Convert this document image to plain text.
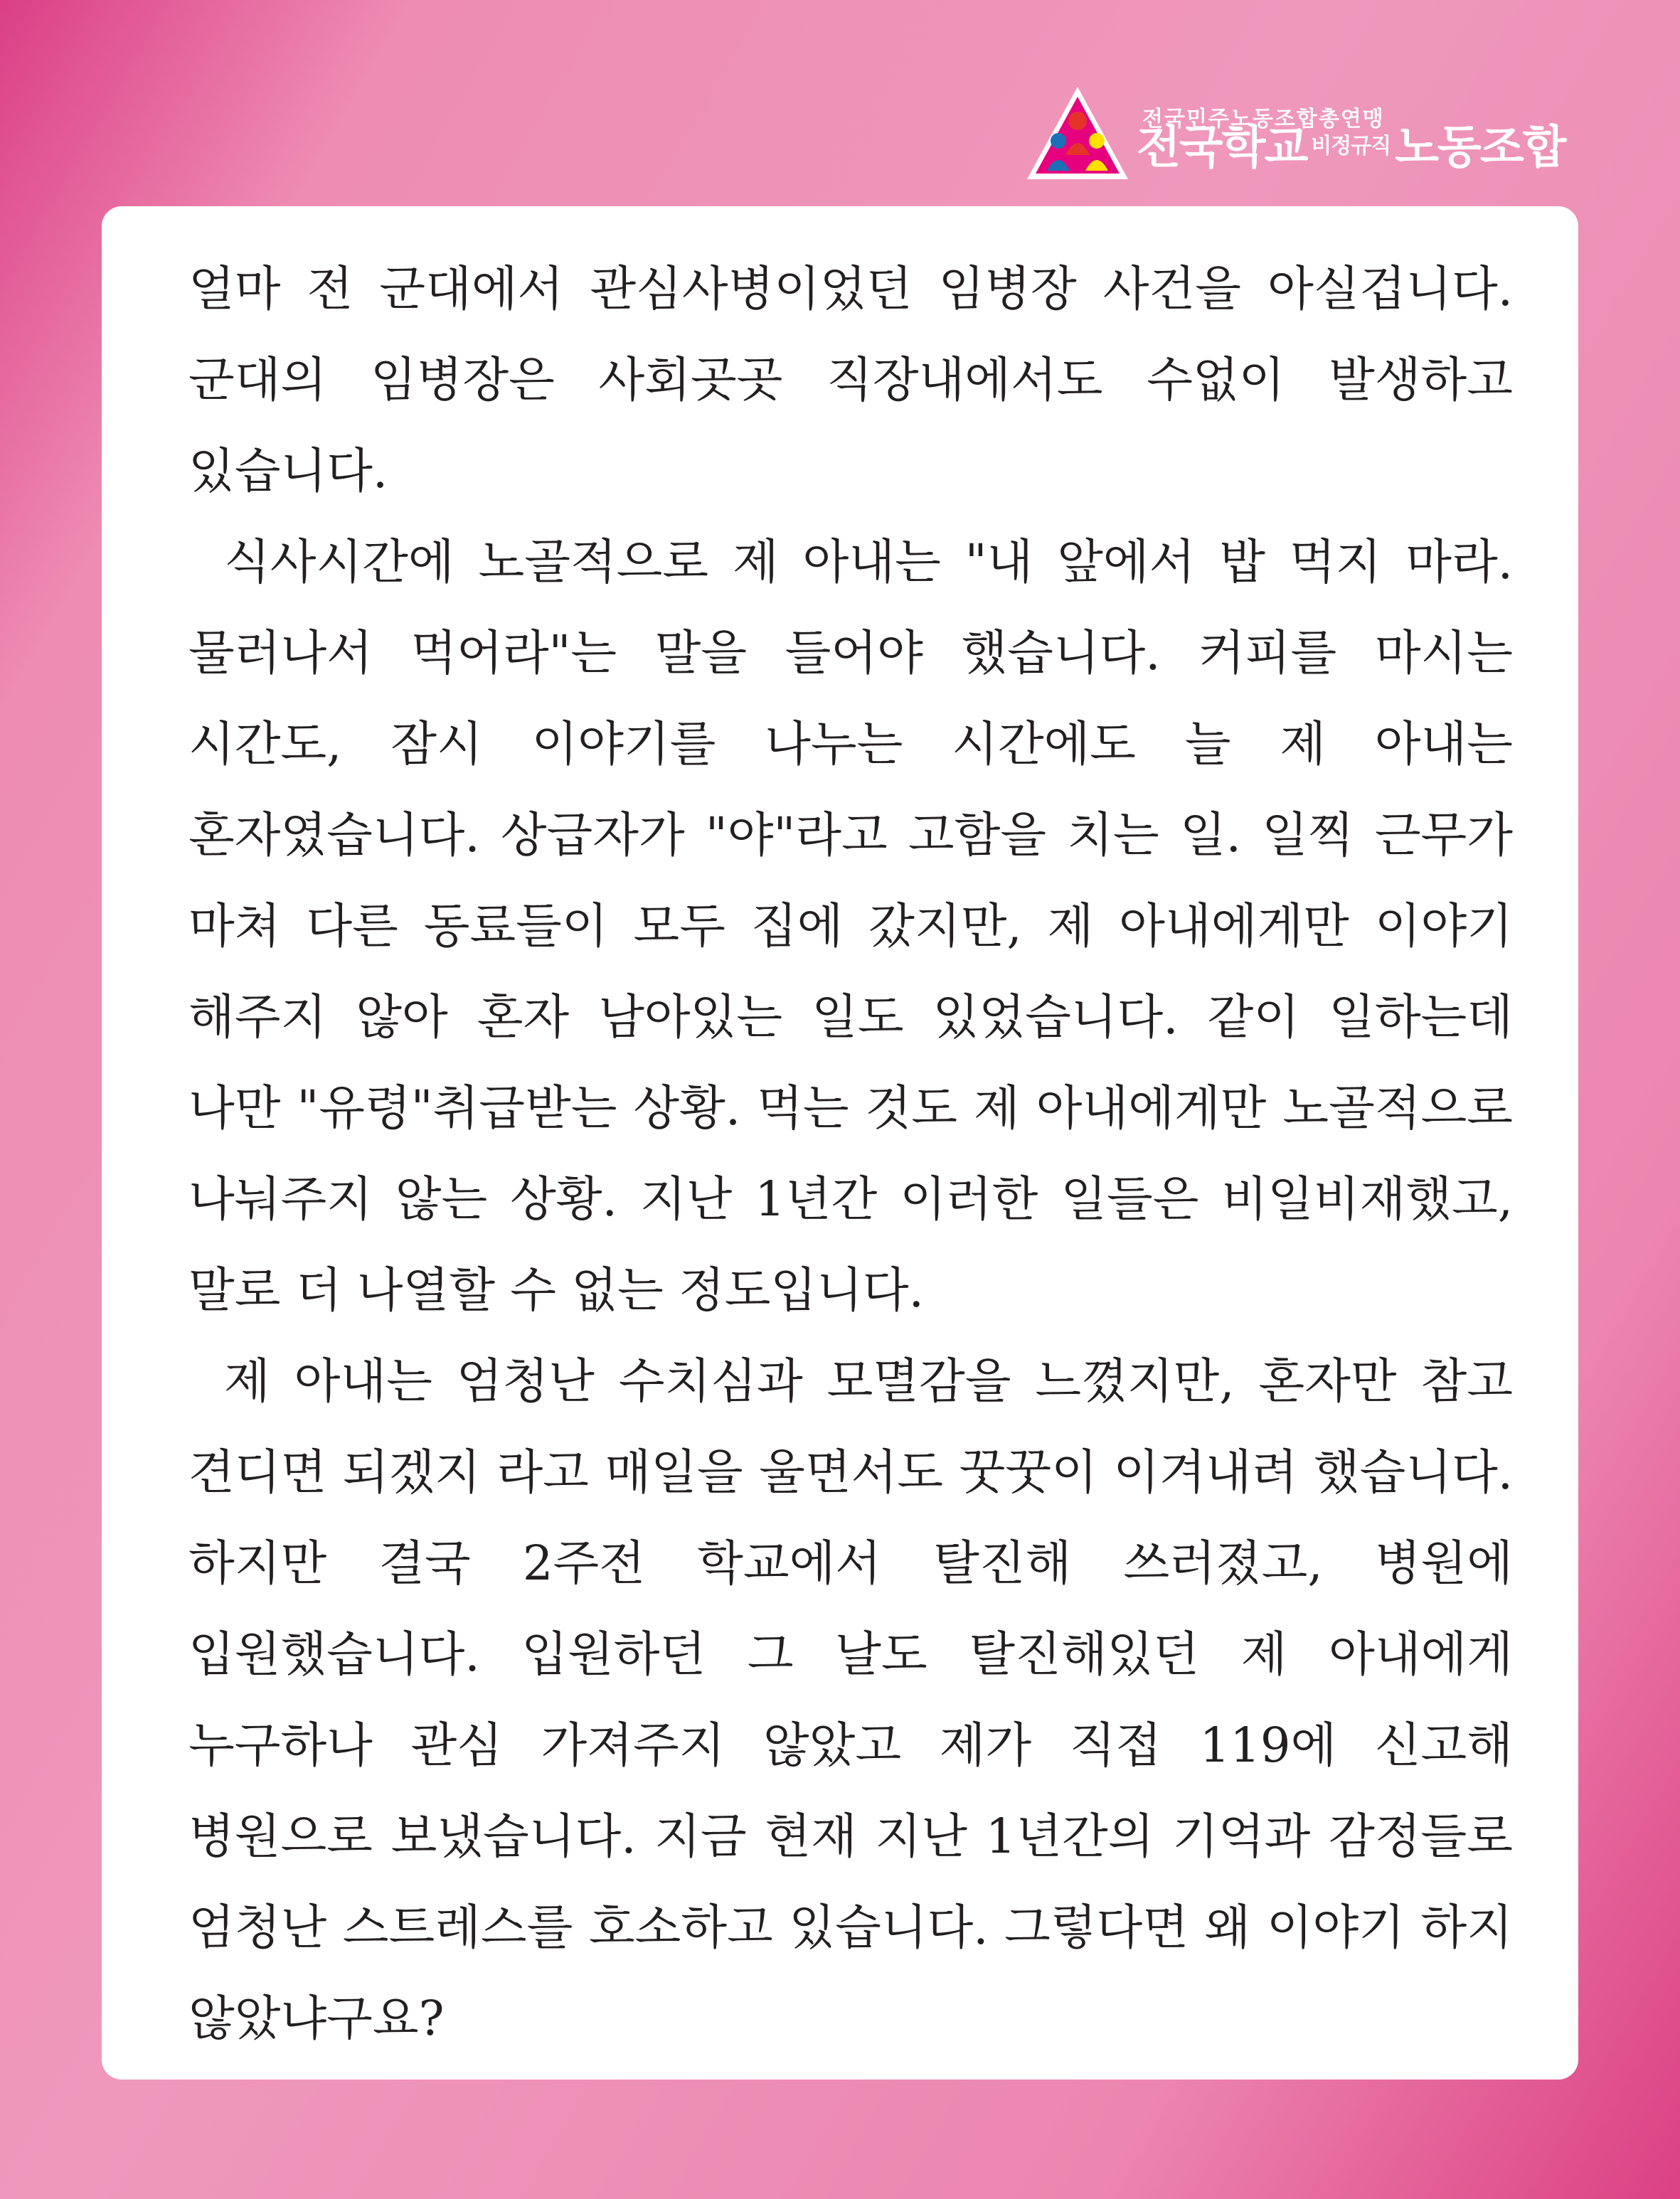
전국민주노동조합총연맹
전국학교 비정규직노동조합

얼마 전 군대에서 관심사병이었던 임병장 사건을 아실겁니다. 군대의 임병장은 사회곳곳 직장내에서도 수없이 발생하고 있습니다.

식사시간에 노골적으로 제 아내는 "내 앞에서 밥 먹지 마라. 물러나서 먹어라"는 말을 들어야 했습니다. 커피를 마시는 시간도, 잠시 이야기를 나누는 시간에도 늘 제 아내는 혼자였습니다. 상급자가 "야"라고 고함을 치는 일. 일찍 근무가 마쳐 다른 동료들이 모두 집에 갔지만, 제 아내에게만 이야기 해주지 않아 혼자 남아있는 일도 있었습니다. 같이 일하는데 나만 "유령"취급받는 상황. 먹는 것도 제 아내에게만 노골적으로 나눠주지 않는 상황. 지난 1년간 이러한 일들은 비일비재했고, 말로 더 나열할 수 없는 정도입니다.

제 아내는 엄청난 수치심과 모멸감을 느꼈지만, 혼자만 참고 견디면 되겠지 라고 매일을 울면서도 꿋꿋이 이겨내려 했습니다. 하지만 결국 2주전 학교에서 탈진해 쓰러졌고, 병원에 입원했습니다. 입원하던 그 날도 탈진해있던 제 아내에게 누구하나 관심 가져주지 않았고 제가 직접 119에 신고해 병원으로 보냈습니다. 지금 현재 지난 1년간의 기억과 감정들로 엄청난 스트레스를 호소하고 있습니다. 그렇다면 왜 이야기 하지 않았냐구요?
